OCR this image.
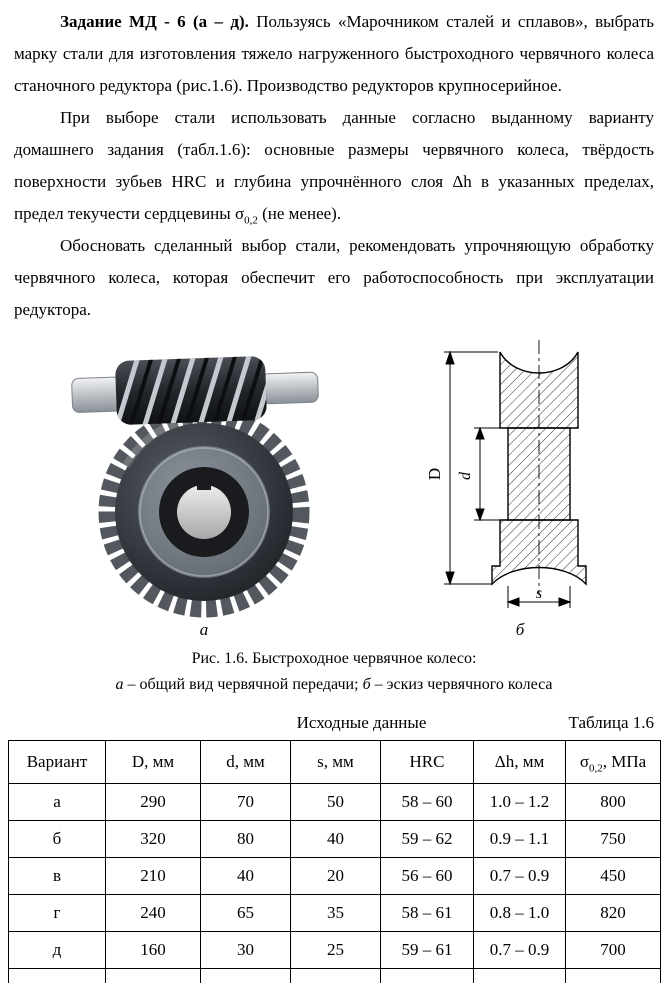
Задание МД - 6 (а – д). Пользуясь «Марочником сталей и сплавов», выбрать марку стали для изготовления тяжело нагруженного быстроходного червячного колеса станочного редуктора (рис.1.6). Производство редукторов крупносерийное.

При выборе стали использовать данные согласно выданному варианту домашнего задания (табл.1.6): основные размеры червячного колеса, твёрдость поверхности зубьев HRC и глубина упрочнённого слоя Δh в указанных пределах, предел текучести сердцевины $\sigma_{0,2}$ (не менее).

Обосновать сделанный выбор стали, рекомендовать упрочняющую обработку червячного колеса, которая обеспечит его работоспособность при эксплуатации редуктора.

а
D d
s
б
Рис. 1.6. Быстроходное червячное колесо:
а – общий вид червячной передачи; б – эскиз червячного колеса
Исходные данные	Таблица 1.6
Вариант	D, мм	d, мм	s, мм	HRC	Δh, мм	$\sigma_{0,2}$, МПа
а	290	70	50	58 – 60	1.0 – 1.2	800
б	320	80	40	59 – 62	0.9 – 1.1	750
в	210	40	20	56 – 60	0.7 – 0.9	450
г	240	65	35	58 – 61	0.8 – 1.0	820
д	160	30	25	59 – 61	0.7 – 0.9	700
